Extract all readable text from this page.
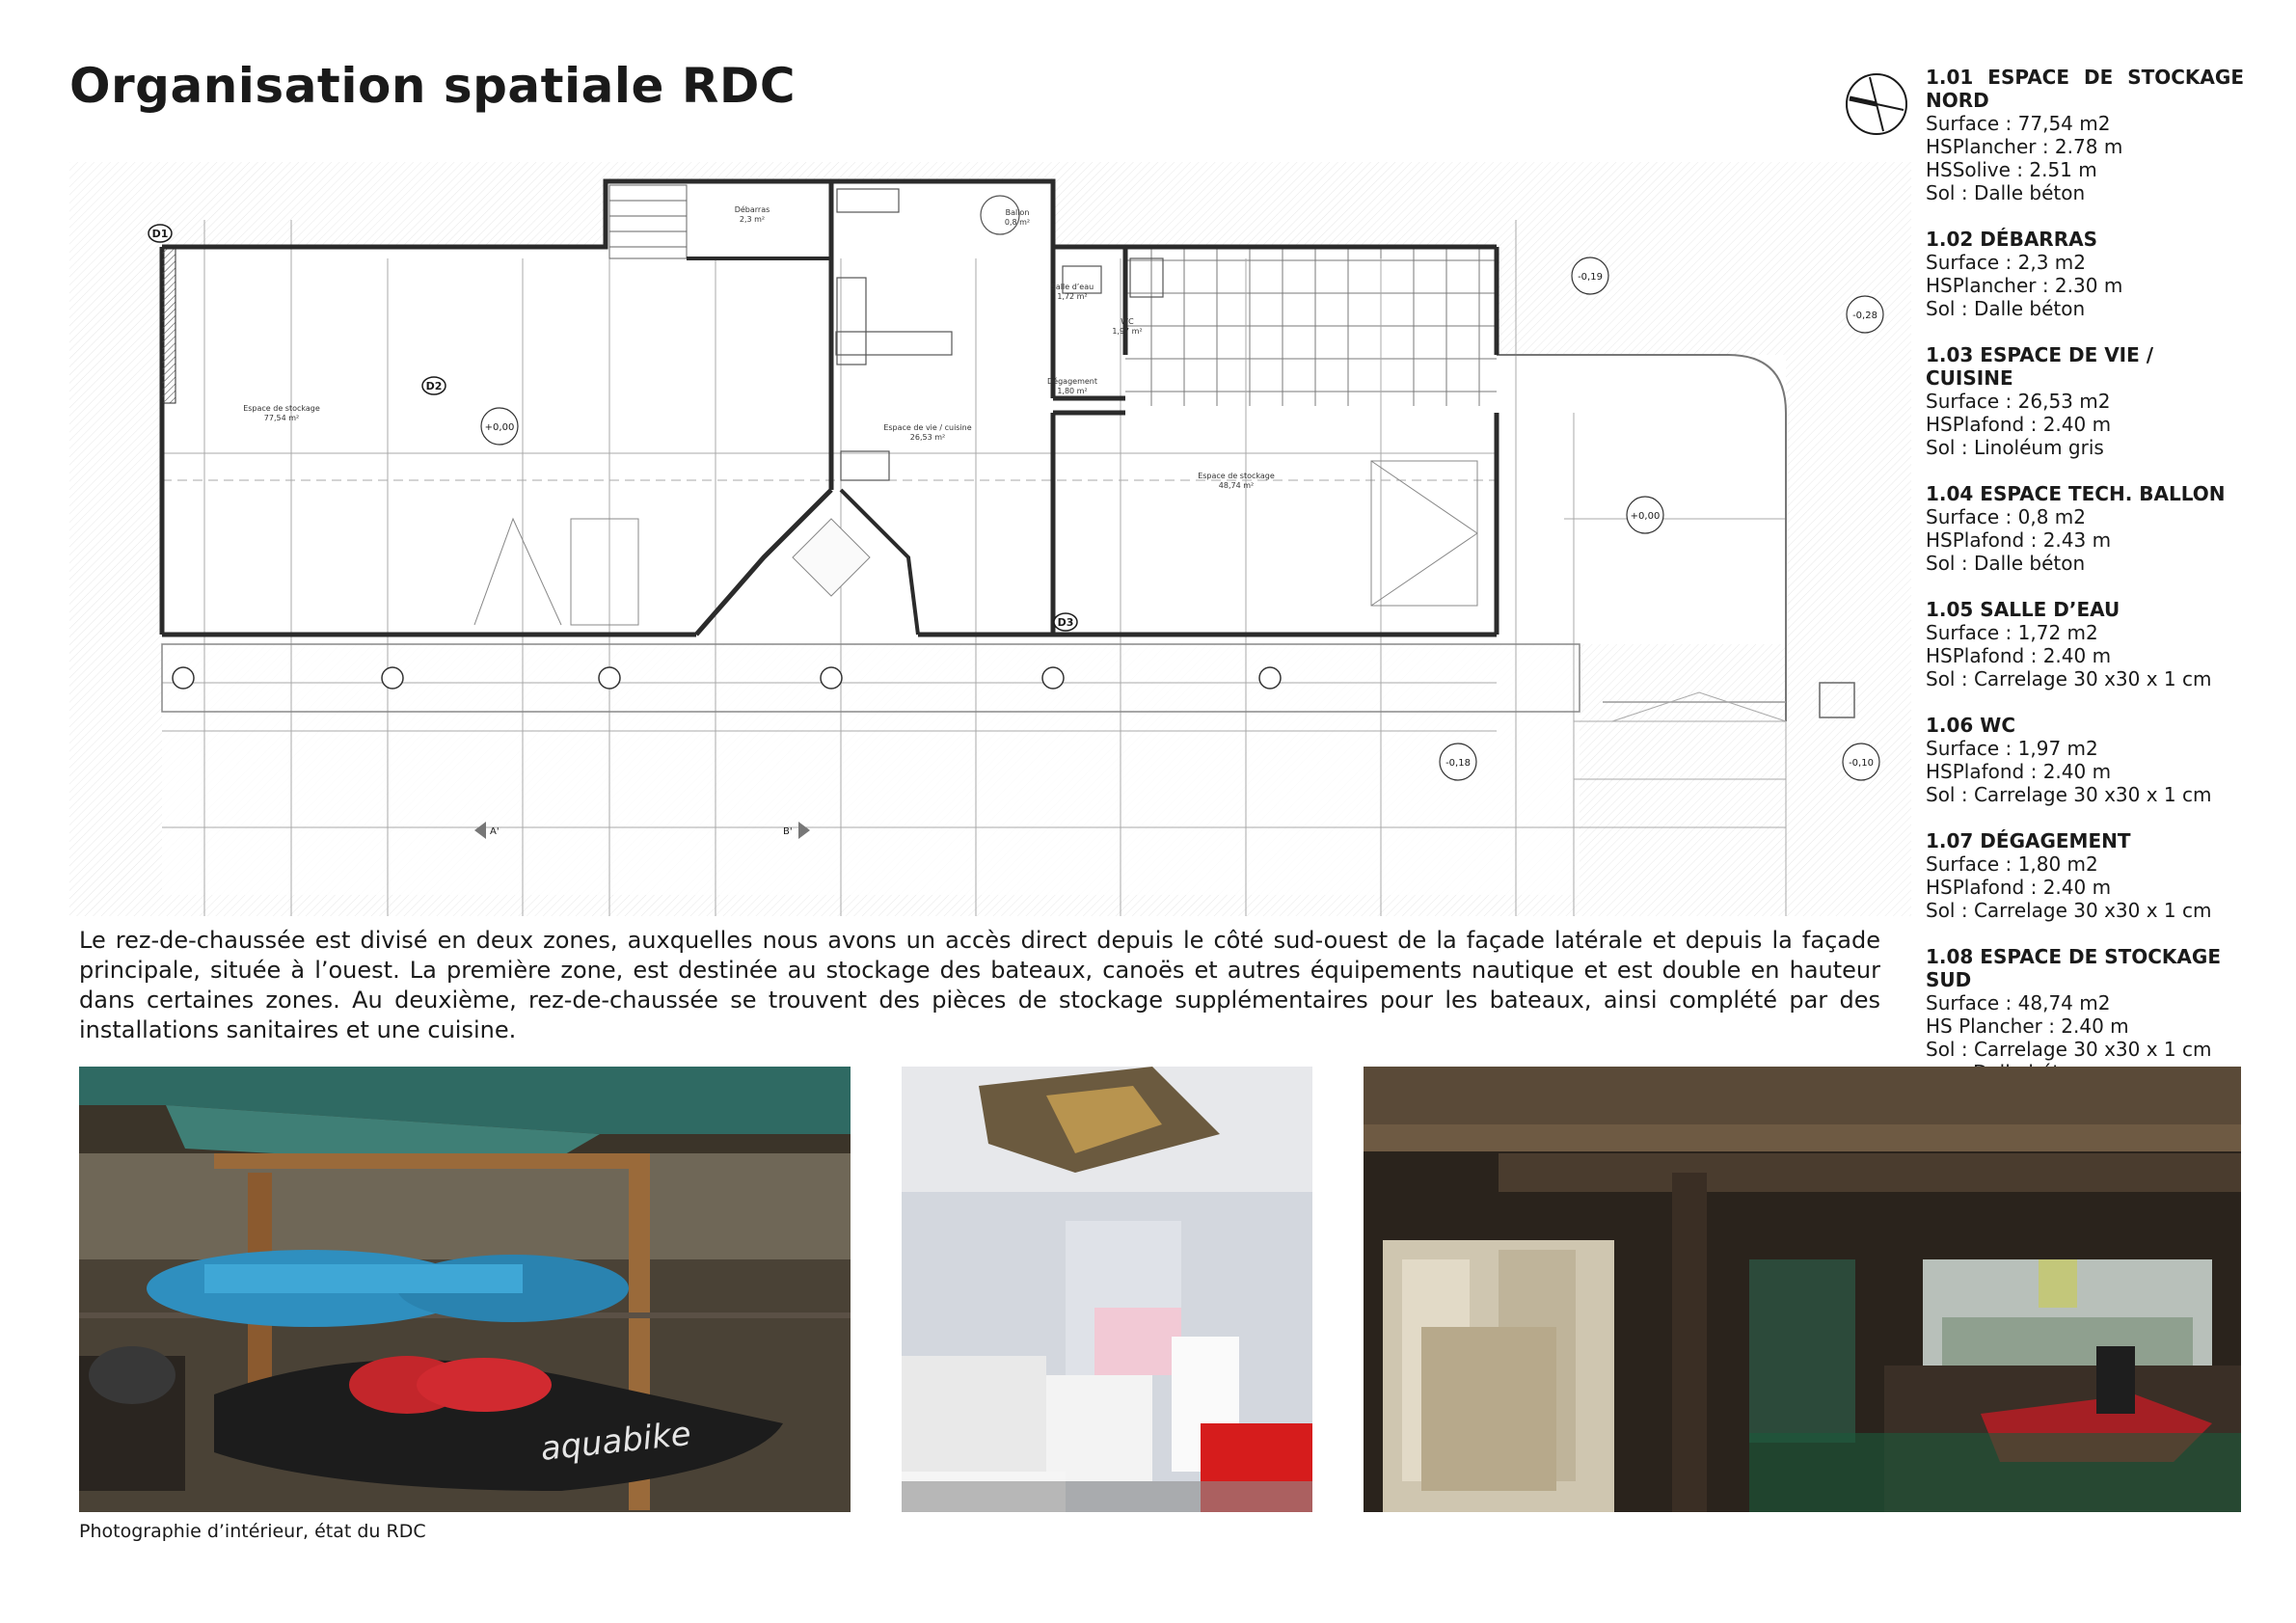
Organisation spatiale RDC	1.01 ESPACE DE STOCKAGE NORD
Surface : 77,54 m2
HSPlancher : 2.78 m
HSSolive : 2.51 m
Sol : Dalle béton
1.02 DÉBARRAS
Surface : 2,3 m2
HSPlancher : 2.30 m
Sol : Dalle béton
1.03 ESPACE DE VIE / CUISINE
Surface : 26,53 m2
HSPlafond : 2.40 m
Sol : Linoléum gris
1.04 ESPACE TECH. BALLON
Surface : 0,8 m2
HSPlafond : 2.43 m
Sol : Dalle béton
1.05 SALLE D’EAU
Surface : 1,72 m2
HSPlafond : 2.40 m
Sol : Carrelage 30 x30 x 1 cm
1.06 WC
Surface : 1,97 m2
HSPlafond : 2.40 m
Sol : Carrelage 30 x30 x 1 cm
1.07 DÉGAGEMENT
Surface : 1,80 m2
HSPlafond : 2.40 m
Sol : Carrelage 30 x30 x 1 cm
1.08 ESPACE DE STOCKAGE SUD
Surface : 48,74 m2
HS Plancher : 2.40 m
Sol : Carrelage 30 x30 x 1 cm
Espace de stockage
77,54 m²
Débarras
2,3 m²
Ballon
0,8 m²
Salle d’eau
1,72 m²
WC
1,97 m²
Dégagement
1,80 m²
Espace de vie / cuisine
26,53 m²
Espace de stockage
48,74 m²
D1
D2
D3
+0,00
+0,00
-0,19
-0,28
-0,18	-0,10
A'	B'
Le rez-de-chaussée est divisé en deux zones, auxquelles nous avons un accès direct depuis le côté sud-ouest de la façade latérale et depuis la façade principale, située à l’ouest. La première zone, est destinée au stockage des bateaux, canoës et autres équipements nautique et est double en hauteur dans certaines zones. Au deuxième, rez-de-chaussée se trouvent des pièces de stockage supplémentaires pour les bateaux, ainsi complété par des installations sanitaires et une cuisine.
aquabike
Photographie d’intérieur, état du RDC
